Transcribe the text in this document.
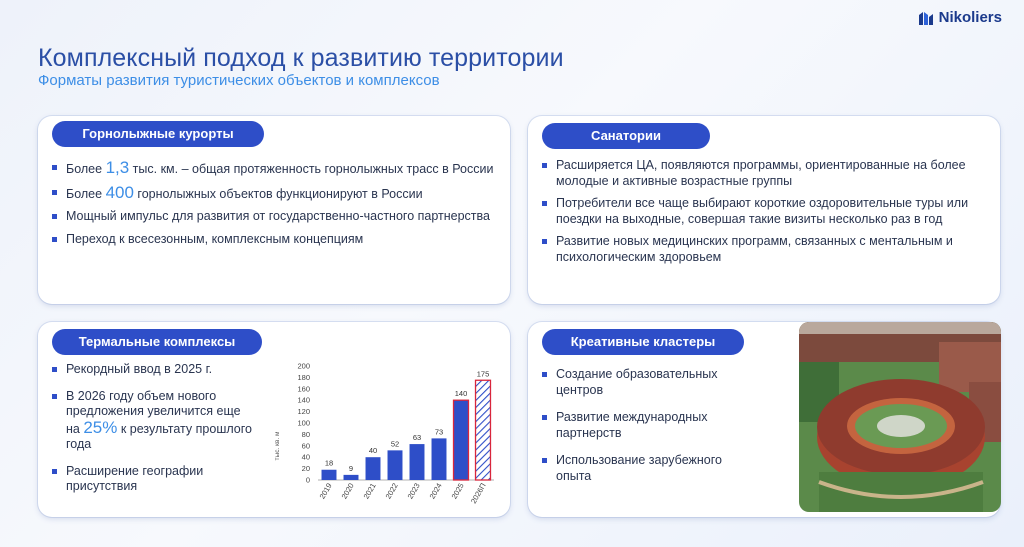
Nikoliers
Комплексный подход к развитию территории
Форматы развития туристических объектов и комплексов
Горнолыжные курорты
Более 1,3 тыс. км. – общая протяженность горнолыжных трасс в России
Более 400 горнолыжных объектов функционируют в России
Мощный импульс для развития от государственно-частного партнерства
Переход к всесезонным, комплексным концепциям
Санатории
Расширяется ЦА, появляются программы, ориентированные на более молодые и активные возрастные группы
Потребители все чаще выбирают короткие оздоровительные туры или поездки на выходные, совершая такие визиты несколько раз в год
Развитие новых медицинских программ, связанных с ментальным и психологическим здоровьем
Термальные комплексы
Рекордный ввод в 2025 г.
В 2026 году объем нового предложения увеличится еще на 25% к результату прошлого года
Расширение географии присутствия
тыс. кв. м
0
20
40
60
80
100
120
140
160
180
200
18
2019
9
2020
40
2021
52
2022
63
2023
73
2024
140
2025
175
2026П
Креативные кластеры
Создание образовательных центров
Развитие международных партнерств
Использование зарубежного опыта
